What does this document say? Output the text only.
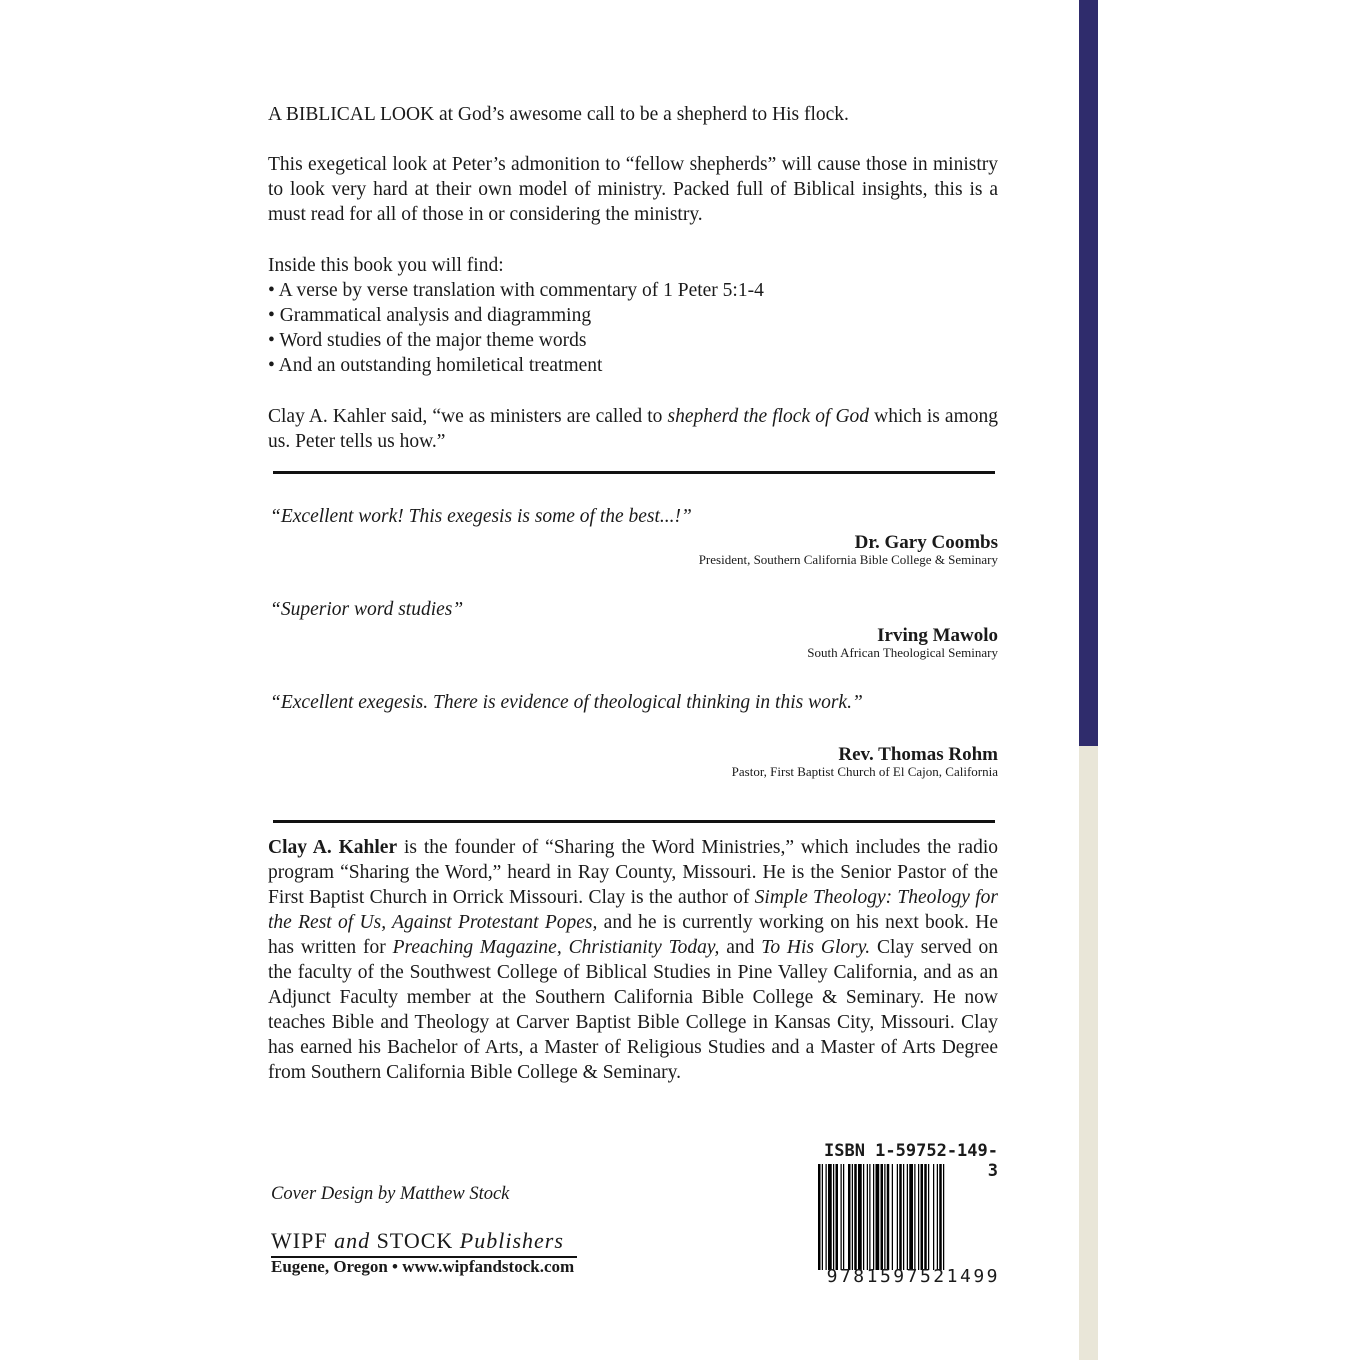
A BIBLICAL LOOK at God’s awesome call to be a shepherd to His flock.

This exegetical look at Peter’s admonition to “fellow shepherds” will cause those in ministry to look very hard at their own model of ministry. Packed full of Biblical insights, this is a must read for all of those in or considering the ministry.

Inside this book you will find:

• A verse by verse translation with commentary of 1 Peter 5:1-4

• Grammatical analysis and diagramming

• Word studies of the major theme words

• And an outstanding homiletical treatment

Clay A. Kahler said, “we as ministers are called to shepherd the flock of God which is among us. Peter tells us how.”

“Excellent work! This exegesis is some of the best...!”
Dr. Gary Coombs
President, Southern California Bible College & Seminary
“Superior word studies”
Irving Mawolo
South African Theological Seminary
“Excellent exegesis. There is evidence of theological thinking in this work.”
Rev. Thomas Rohm
Pastor, First Baptist Church of El Cajon, California

Clay A. Kahler is the founder of “Sharing the Word Ministries,” which includes the radio program “Sharing the Word,” heard in Ray County, Missouri. He is the Senior Pastor of the First Baptist Church in Orrick Missouri. Clay is the author of Simple Theology: Theology for the Rest of Us, Against Protestant Popes, and he is currently working on his next book. He has written for Preaching Magazine, Christianity Today, and To His Glory. Clay served on the faculty of the Southwest College of Biblical Studies in Pine Valley California, and as an Adjunct Faculty member at the Southern California Bible College & Seminary. He now teaches Bible and Theology at Carver Baptist Bible College in Kansas City, Missouri. Clay has earned his Bachelor of Arts, a Master of Religious Studies and a Master of Arts Degree from Southern California Bible College & Seminary.

Cover Design by Matthew Stock
WIPF and STOCK Publishers
Eugene, Oregon • www.wipfandstock.com
ISBN 1-59752-149-3
9781597521499
